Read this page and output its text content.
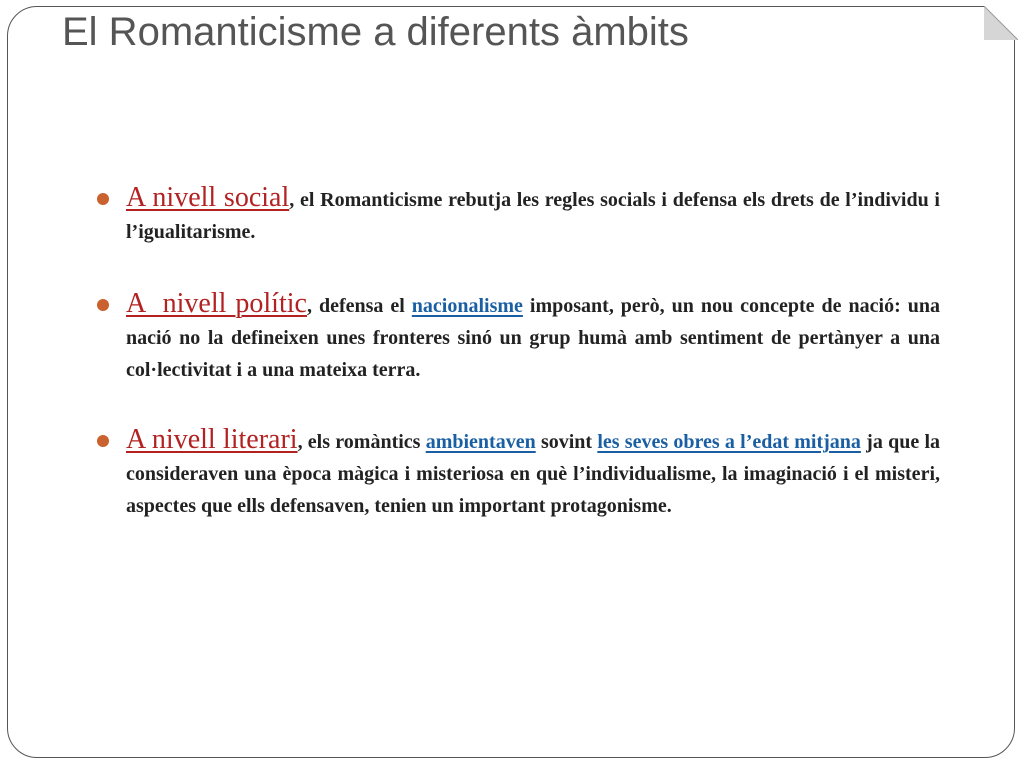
El Romanticisme a diferents àmbits
A nivell social, el Romanticisme rebutja les regles socials i defensa els drets de l’individu i l’igualitarisme.
A  nivell polític, defensa el nacionalisme imposant, però, un nou concepte de nació: una nació no la defineixen unes fronteres sinó un grup humà amb sentiment de pertànyer a una col·lectivitat i a una mateixa terra.
A nivell literari, els romàntics ambientaven sovint les seves obres a l’edat mitjana ja que la consideraven una època màgica i misteriosa en què l’individualisme, la imaginació i el misteri, aspectes que ells defensaven, tenien un important protagonisme.
